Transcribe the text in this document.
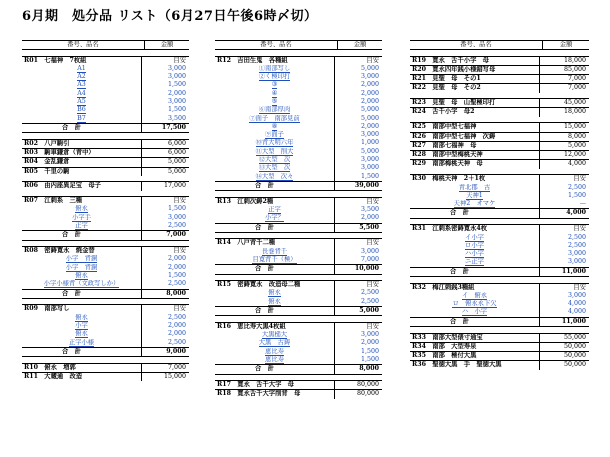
6月期　処分品 リスト（6月27日午後6時〆切）
番号、品名	金額
R01　七福神　7枚組	目安
A1	3,000
A2	3,000
A3	1,500
A4	2,000
A5	3,000
B6	1,500
B7	3,500
合　計	17,500
R02　八戸駒引	6,000
R03　駒車鎌倉（青中）	6,000
R04　金乱鎌倉	5,000
R05　千里の駒	5,000
R06　由内座異足宝　母子	17,000
R07　江刺系　三種	目安
俯永	1,500
小字手	3,000
正字	2,500
合　計	7,000
R08　密鋳寛永　焼金替	目安
小字　背銅	2,000
小字　背銅	2,000
俯永	1,500
小字小様背（文政写しか）	2,500
合　計	8,000
R09　南部写し	目安
俯永	2,500
小字	2,000
俯永	2,000
正字小様	2,500
合　計	9,000
R10　俯永　増郭	7,000
R11　大蔵通　改造	15,000
番号、品名	金額
R12　吉田生鬼　各種組	目安
①南部写し	5,000
②く極印打	3,000
③	2,000
④	2,000
⑤	2,000
⑥南部厚肉	5,000
⑦面子　南部見前	5,000
⑧	2,000
⑨面子	3,000
⑩背大明六年	1,000
⑪大型　削大	5,000
⑫大型　次	3,000
⑬大型　次	3,000
⑭大型　次々	1,500
合　計	39,000
R13　江刺次鋳2種	目安
正字	3,500
小字？	2,000
合　計	5,500
R14　八戸背千二種	目安
長巻背千	3,000
目寛背千（極）	7,000
合　計	10,000
R15　密鋳寛永　改造母二種	目安
俯永	2,500
俯永	2,500
合　計	5,000
R16　恵比寿大黒4枚組	目安
大黒槌大	3,000
大黒　古鋳	2,000
恵比寿	1,500
恵比寿	1,500
合　計	8,000
R17　寛永　舌千大字　母	80,000
R18　寛永舌千大字削背　母	80,000
番号、品名	金額
R19　寛永　舌千小字　母	18,000
R20　寛永四年銭小様錯写母	85,000
R21　見聖　母　その1	7,000
R22　見聖　母　その2	7,000
R23　見聖　母　山聖極印打	45,000
R24　舌千小字　母2	18,000
R25　南部中型七福神	15,000
R26　南部中型七福神　次鋳	8,000
R27　南部七福神　母	5,000
R28　南部中型梅桃天神	12,000
R29　南部梅桃天神　母	4,000
R30　梅桃天神　2＋1枚	目安
青北郡　古	2,500
天神1	1,500
天神2　オマケ	—
合　計	4,000
R31　江刺系密鋳寛永4枚	目安
イ小字	2,500
ロ小字	2,500
ハ小字	3,000
ニ正字	3,000
合　計	11,000
R32　梅江刺銭3種組	目安
イ　俯永	3,000
ロ　俯永永下欠	4,000
ハ　小字	4,000
合　計	11,000
R33　南部大型俵寸通宝	55,000
R34　南部　大型寿泉	50,000
R35　南部　極付大黒	50,000
R36　聖徳大黒　手　聖徳大黒	50,000
